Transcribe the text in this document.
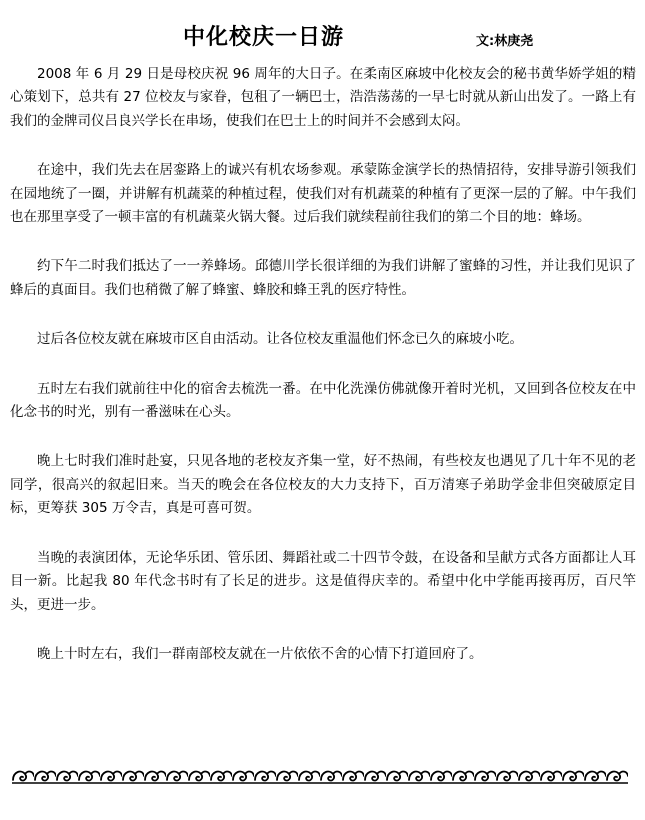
中化校庆一日游	文:林庚尧

2008 年 6 月 29 日是母校庆祝 96 周年的大日子。在柔南区麻坡中化校友会的秘书黄华娇学姐的精心策划下，总共有 27 位校友与家眷，包租了一辆巴士，浩浩荡荡的一早七时就从新山出发了。一路上有我们的金牌司仪吕良兴学长在串场，使我们在巴士上的时间并不会感到太闷。

在途中，我们先去在居銮路上的诚兴有机农场参观。承蒙陈金演学长的热情招待，安排导游引领我们在园地统了一圈，并讲解有机蔬菜的种植过程，使我们对有机蔬菜的种植有了更深一层的了解。中午我们也在那里享受了一顿丰富的有机蔬菜火锅大餐。过后我们就续程前往我们的第二个目的地：蜂场。

约下午二时我们抵达了一一养蜂场。邱德川学长很详细的为我们讲解了蜜蜂的习性，并让我们见识了蜂后的真面目。我们也稍微了解了蜂蜜、蜂胶和蜂王乳的医疗特性。

过后各位校友就在麻坡市区自由活动。让各位校友重温他们怀念已久的麻坡小吃。

五时左右我们就前往中化的宿舍去梳洗一番。在中化洗澡仿佛就像开着时光机，又回到各位校友在中化念书的时光，别有一番滋味在心头。

晚上七时我们准时赴宴，只见各地的老校友齐集一堂，好不热闹，有些校友也遇见了几十年不见的老同学，很高兴的叙起旧来。当天的晚会在各位校友的大力支持下，百万清寒子弟助学金非但突破原定目标，更筹获 305 万令吉，真是可喜可贺。

当晚的表演团体，无论华乐团、管乐团、舞蹈社或二十四节令鼓，在设备和呈献方式各方面都让人耳目一新。比起我 80 年代念书时有了长足的进步。这是值得庆幸的。希望中化中学能再接再厉，百尺竿头，更进一步。

晚上十时左右，我们一群南部校友就在一片依依不舍的心情下打道回府了。
